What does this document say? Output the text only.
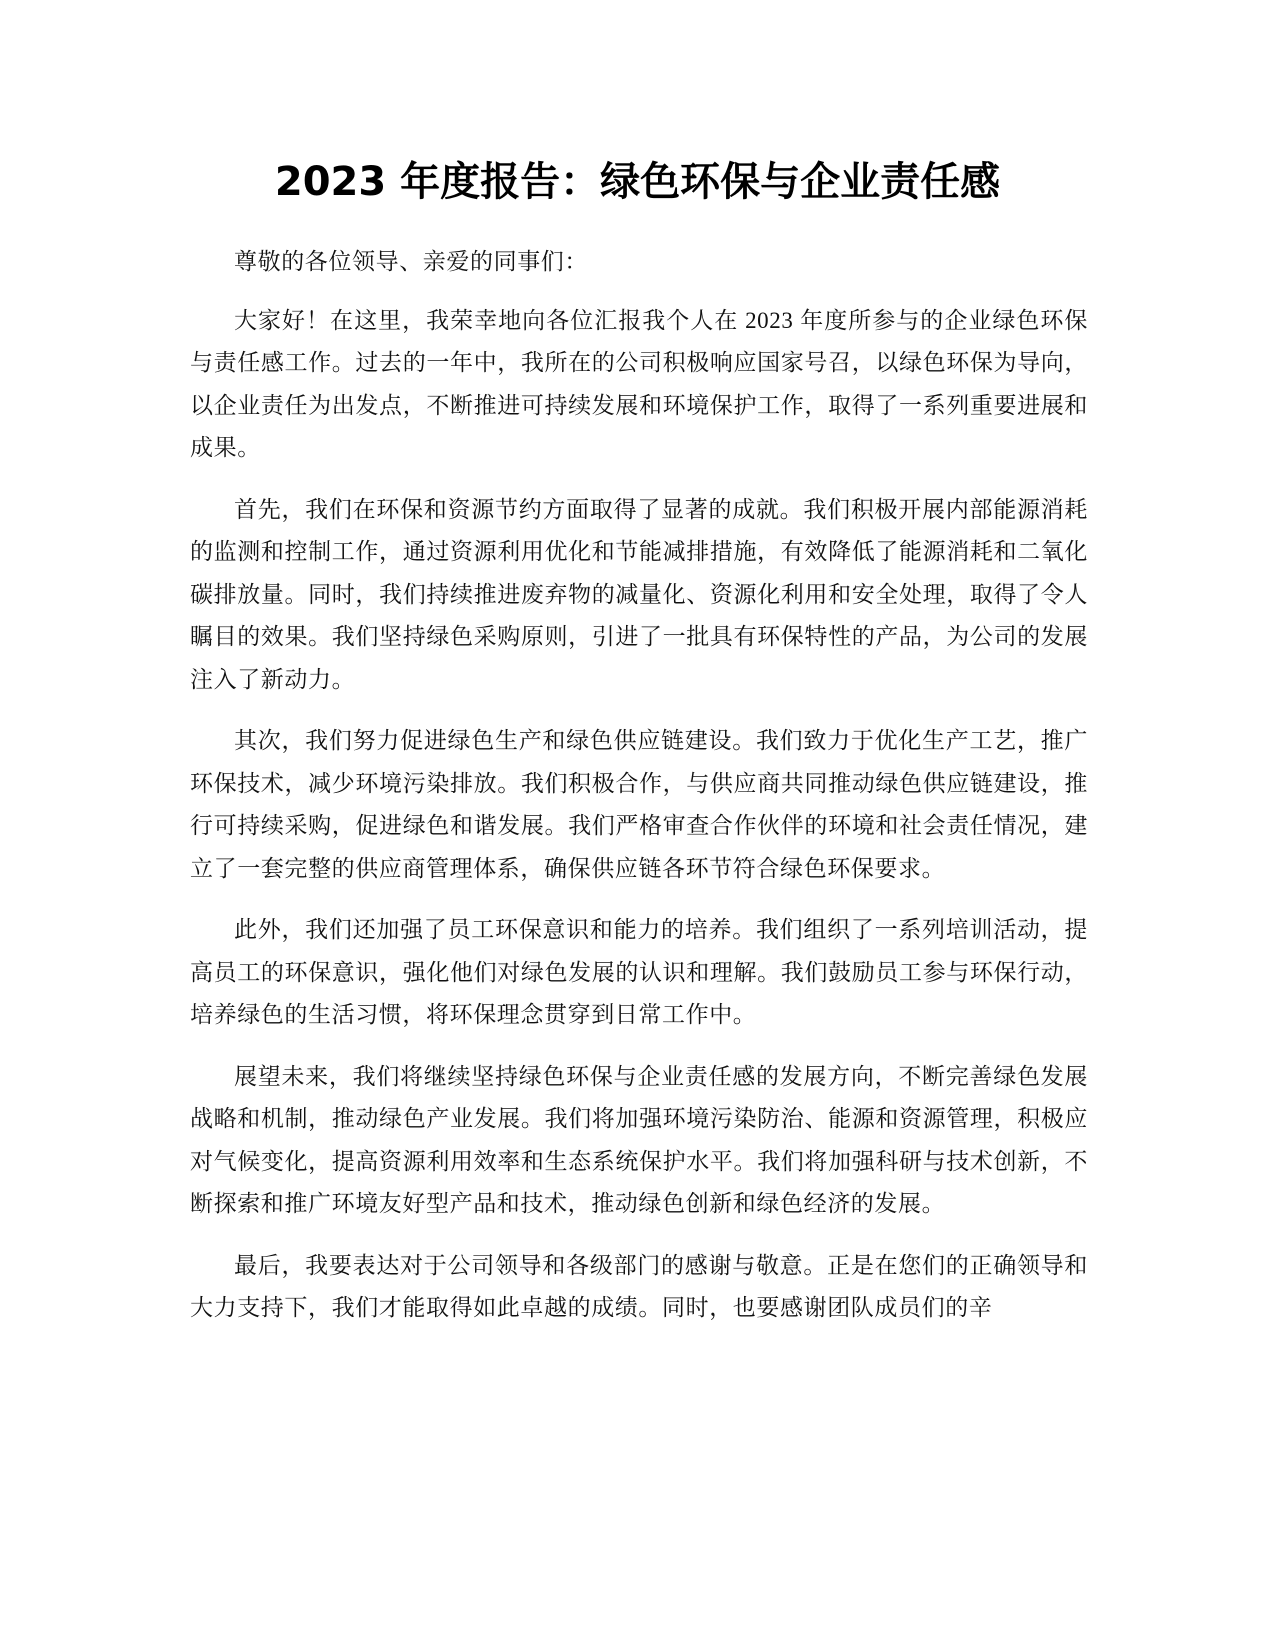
2023 年度报告：绿色环保与企业责任感

尊敬的各位领导、亲爱的同事们：

大家好！在这里，我荣幸地向各位汇报我个人在 2023 年度所参与的企业绿色环保与责任感工作。过去的一年中，我所在的公司积极响应国家号召，以绿色环保为导向，以企业责任为出发点，不断推进可持续发展和环境保护工作，取得了一系列重要进展和成果。

首先，我们在环保和资源节约方面取得了显著的成就。我们积极开展内部能源消耗的监测和控制工作，通过资源利用优化和节能减排措施，有效降低了能源消耗和二氧化碳排放量。同时，我们持续推进废弃物的减量化、资源化利用和安全处理，取得了令人瞩目的效果。我们坚持绿色采购原则，引进了一批具有环保特性的产品，为公司的发展注入了新动力。

其次，我们努力促进绿色生产和绿色供应链建设。我们致力于优化生产工艺，推广环保技术，减少环境污染排放。我们积极合作，与供应商共同推动绿色供应链建设，推行可持续采购，促进绿色和谐发展。我们严格审查合作伙伴的环境和社会责任情况，建立了一套完整的供应商管理体系，确保供应链各环节符合绿色环保要求。

此外，我们还加强了员工环保意识和能力的培养。我们组织了一系列培训活动，提高员工的环保意识，强化他们对绿色发展的认识和理解。我们鼓励员工参与环保行动，培养绿色的生活习惯，将环保理念贯穿到日常工作中。

展望未来，我们将继续坚持绿色环保与企业责任感的发展方向，不断完善绿色发展战略和机制，推动绿色产业发展。我们将加强环境污染防治、能源和资源管理，积极应对气候变化，提高资源利用效率和生态系统保护水平。我们将加强科研与技术创新，不断探索和推广环境友好型产品和技术，推动绿色创新和绿色经济的发展。

最后，我要表达对于公司领导和各级部门的感谢与敬意。正是在您们的正确领导和大力支持下，我们才能取得如此卓越的成绩。同时，也要感谢团队成员们的辛
